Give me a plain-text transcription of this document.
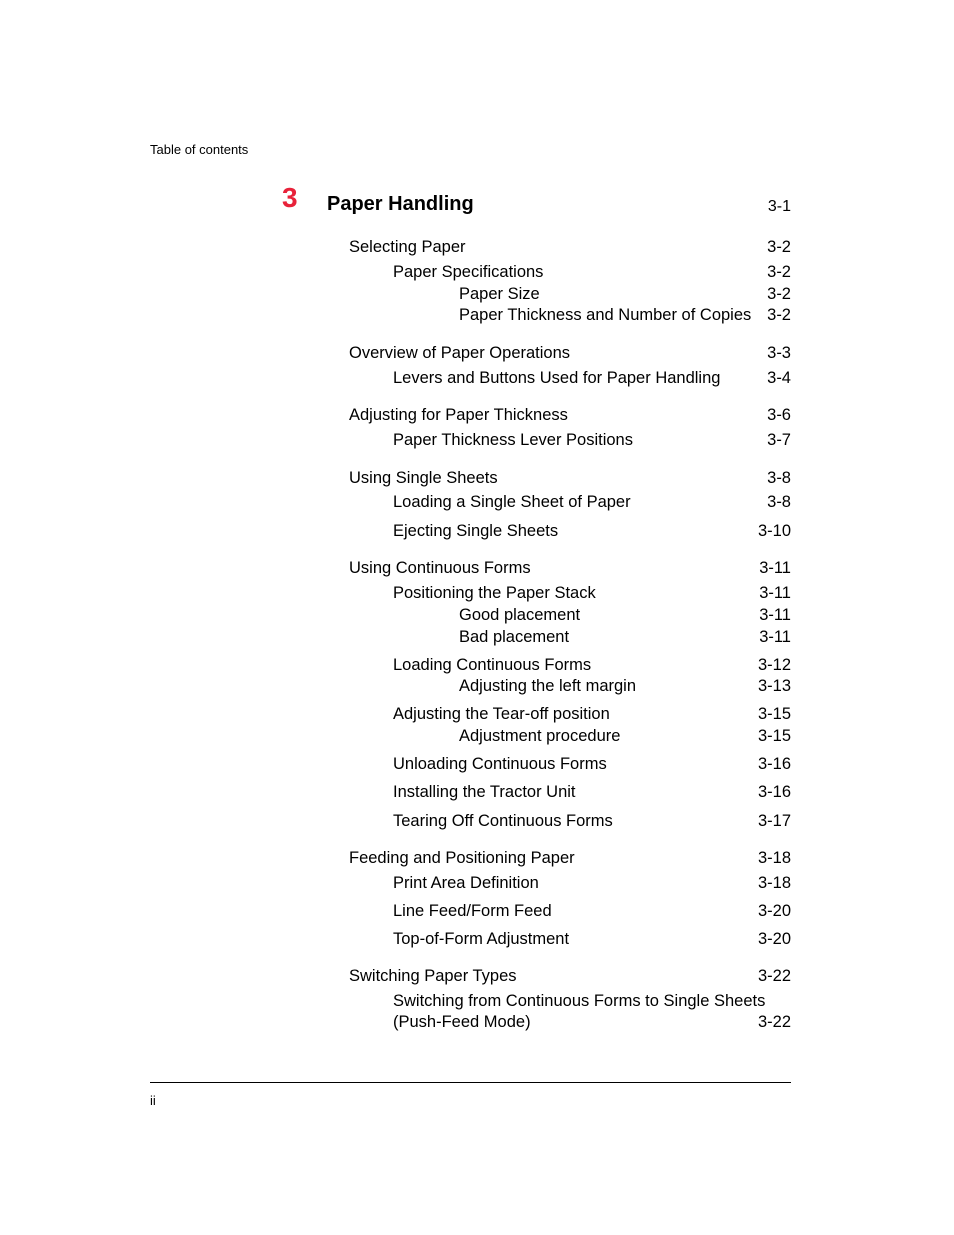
Table of contents
3 Paper Handling	3-1
Selecting Paper	3-2
Paper Specifications	3-2
Paper Size	3-2
Paper Thickness and Number of Copies 3-2
Overview of Paper Operations	3-3
Levers and Buttons Used for Paper Handling	3-4
Adjusting for Paper Thickness	3-6
Paper Thickness Lever Positions	3-7
Using Single Sheets	3-8
Loading a Single Sheet of Paper	3-8
Ejecting Single Sheets	3-10
Using Continuous Forms	3-11
Positioning the Paper Stack	3-11
Good placement	3-11
Bad placement	3-11
Loading Continuous Forms	3-12
Adjusting the left margin	3-13
Adjusting the Tear-off position	3-15
Adjustment procedure	3-15
Unloading Continuous Forms	3-16
Installing the Tractor Unit	3-16
Tearing Off Continuous Forms	3-17
Feeding and Positioning Paper	3-18
Print Area Definition	3-18
Line Feed/Form Feed	3-20
Top-of-Form Adjustment	3-20
Switching Paper Types	3-22
Switching from Continuous Forms to Single Sheets
(Push-Feed Mode)	3-22
ii
